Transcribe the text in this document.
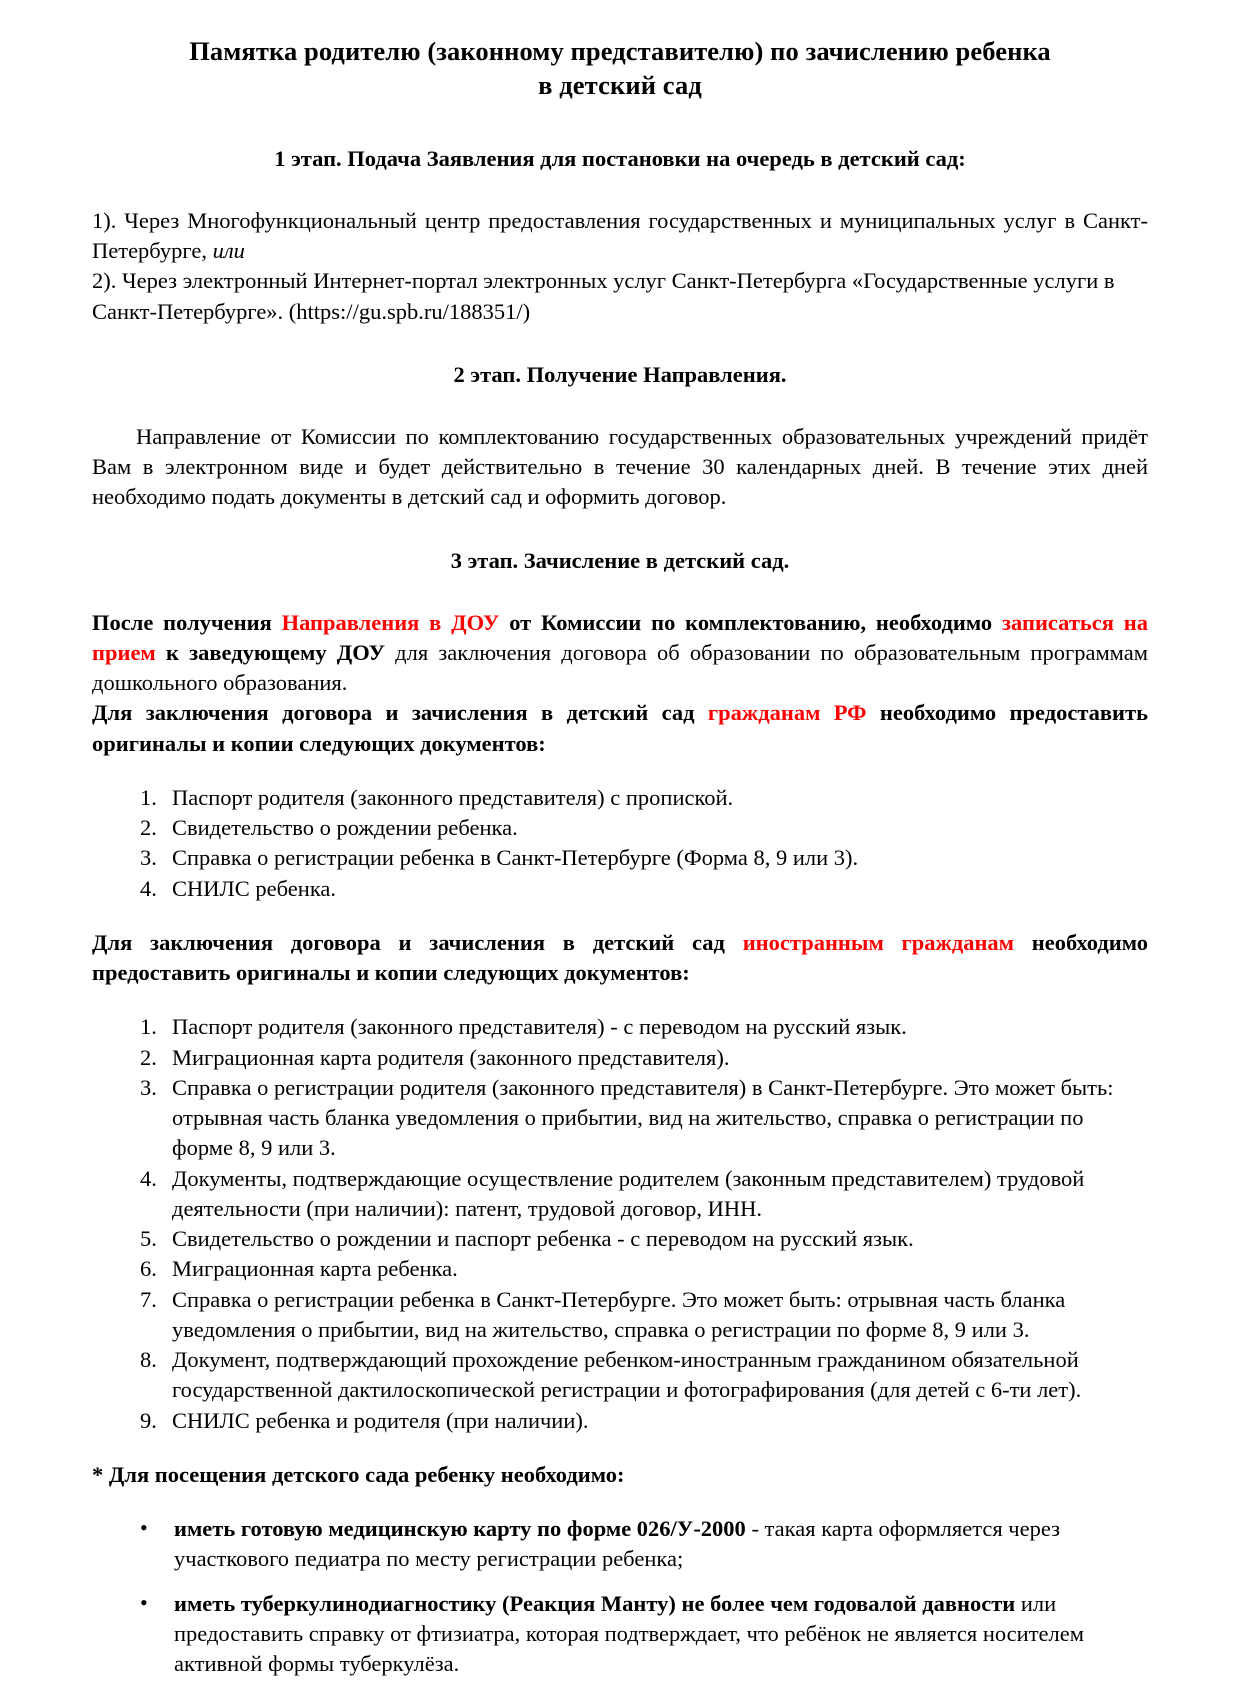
Памятка родителю (законному представителю) по зачислению ребенка
в детский сад
1 этап. Подача Заявления для постановки на очередь в детский сад:

1). Через Многофункциональный центр предоставления государственных и муниципальных услуг в Санкт-Петербурге, или

2). Через электронный Интернет-портал электронных услуг Санкт-Петербурга «Государственные услуги в Санкт-Петербурге». (https://gu.spb.ru/188351/)

2 этап. Получение Направления.

Направление от Комиссии по комплектованию государственных образовательных учреждений придёт Вам в электронном виде и будет действительно в течение 30 календарных дней. В течение этих дней необходимо подать документы в детский сад и оформить договор.

3 этап. Зачисление в детский сад.

После получения Направления в ДОУ от Комиссии по комплектованию, необходимо записаться на прием к заведующему ДОУ для заключения договора об образовании по образовательным программам дошкольного образования.

Для заключения договора и зачисления в детский сад гражданам РФ необходимо предоставить оригиналы и копии следующих документов:

Паспорт родителя (законного представителя) с пропиской.
Свидетельство о рождении ребенка.
Справка о регистрации ребенка в Санкт-Петербурге (Форма 8, 9 или 3).
СНИЛС ребенка.

Для заключения договора и зачисления в детский сад иностранным гражданам необходимо предоставить оригиналы и копии следующих документов:

Паспорт родителя (законного представителя) - с переводом на русский язык.
Миграционная карта родителя (законного представителя).
Справка о регистрации родителя (законного представителя) в Санкт-Петербурге. Это может быть: отрывная часть бланка уведомления о прибытии, вид на жительство, справка о регистрации по форме 8, 9 или 3.
Документы, подтверждающие осуществление родителем (законным представителем) трудовой деятельности (при наличии): патент, трудовой договор, ИНН.
Свидетельство о рождении и паспорт ребенка - с переводом на русский язык.
Миграционная карта ребенка.
Справка о регистрации ребенка в Санкт-Петербурге. Это может быть: отрывная часть бланка уведомления о прибытии, вид на жительство, справка о регистрации по форме 8, 9 или 3.
Документ, подтверждающий прохождение ребенком-иностранным гражданином обязательной государственной дактилоскопической регистрации и фотографирования (для детей с 6-ти лет).
СНИЛС ребенка и родителя (при наличии).

* Для посещения детского сада ребенку необходимо:

• иметь готовую медицинскую карту по форме 026/У-2000 - такая карта оформляется через участкового педиатра по месту регистрации ребенка;
• иметь туберкулинодиагностику (Реакция Манту) не более чем годовалой давности или предоставить справку от фтизиатра, которая подтверждает, что ребёнок не является носителем активной формы туберкулёза.
